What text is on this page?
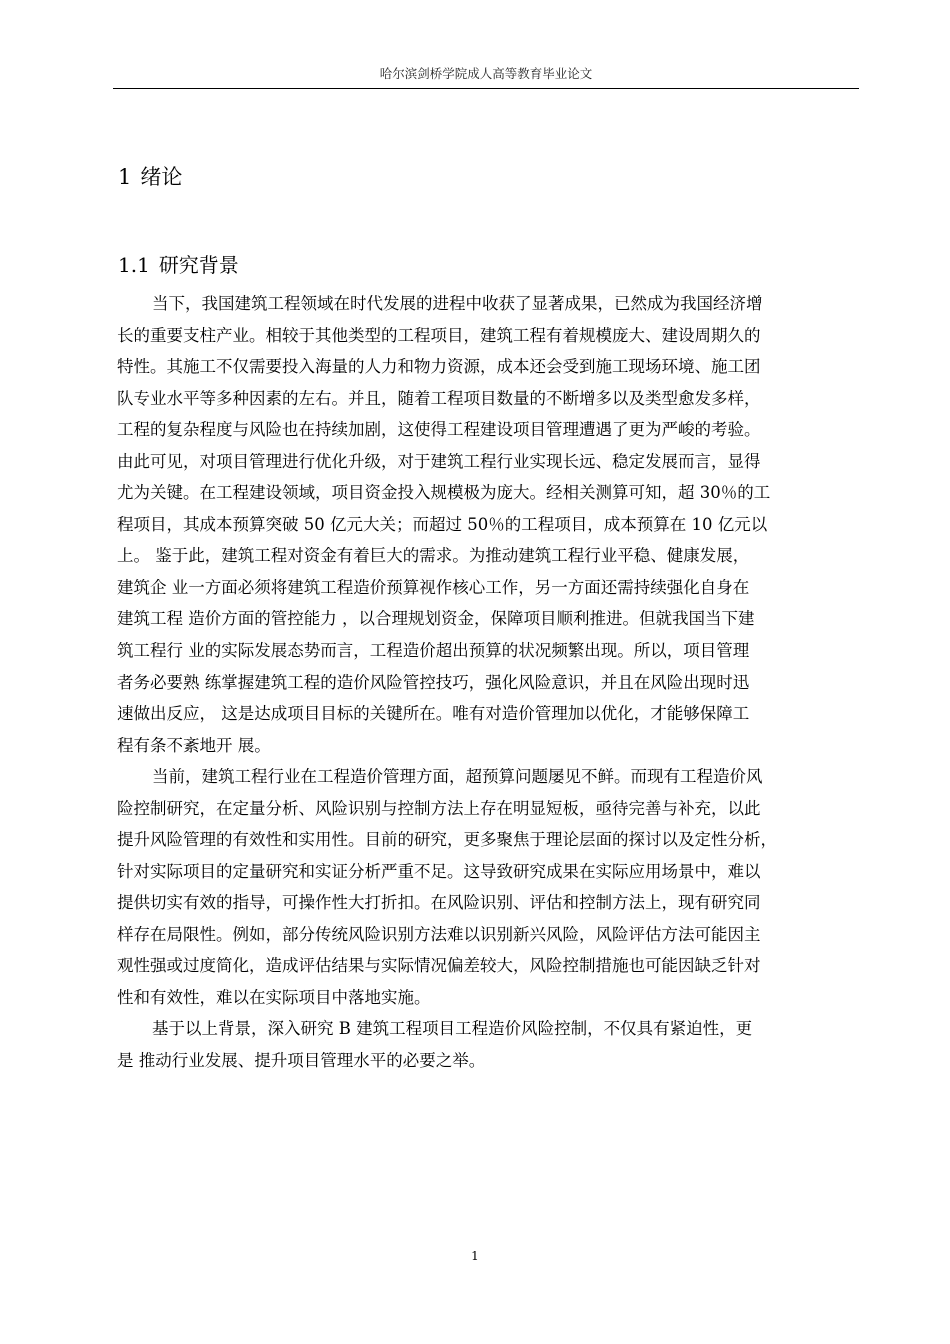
哈尔滨剑桥学院成人高等教育毕业论文
1 绪论
1.1 研究背景
当下，我国建筑工程领域在时代发展的进程中收获了显著成果，已然成为我国经济增
长的重要支柱产业。相较于其他类型的工程项目，建筑工程有着规模庞大、建设周期久的
特性。其施工不仅需要投入海量的人力和物力资源，成本还会受到施工现场环境、施工团
队专业水平等多种因素的左右。并且，随着工程项目数量的不断增多以及类型愈发多样，
工程的复杂程度与风险也在持续加剧，这使得工程建设项目管理遭遇了更为严峻的考验。
由此可见，对项目管理进行优化升级，对于建筑工程行业实现长远、稳定发展而言，显得
尤为关键。在工程建设领域，项目资金投入规模极为庞大。经相关测算可知，超 30％的工
程项目，其成本预算突破 50 亿元大关；而超过 50％的工程项目，成本预算在 10 亿元以
上。 鉴于此，建筑工程对资金有着巨大的需求。为推动建筑工程行业平稳、健康发展，
建筑企 业一方面必须将建筑工程造价预算视作核心工作，另一方面还需持续强化自身在
建筑工程 造价方面的管控能力 ，以合理规划资金，保障项目顺利推进。但就我国当下建
筑工程行 业的实际发展态势而言，工程造价超出预算的状况频繁出现。所以，项目管理
者务必要熟 练掌握建筑工程的造价风险管控技巧，强化风险意识，并且在风险出现时迅
速做出反应， 这是达成项目目标的关键所在。唯有对造价管理加以优化，才能够保障工
程有条不紊地开 展。
当前，建筑工程行业在工程造价管理方面，超预算问题屡见不鲜。而现有工程造价风
险控制研究，在定量分析、风险识别与控制方法上存在明显短板，亟待完善与补充，以此
提升风险管理的有效性和实用性。目前的研究，更多聚焦于理论层面的探讨以及定性分析，
针对实际项目的定量研究和实证分析严重不足。这导致研究成果在实际应用场景中，难以
提供切实有效的指导，可操作性大打折扣。在风险识别、评估和控制方法上，现有研究同
样存在局限性。例如，部分传统风险识别方法难以识别新兴风险，风险评估方法可能因主
观性强或过度简化，造成评估结果与实际情况偏差较大，风险控制措施也可能因缺乏针对
性和有效性，难以在实际项目中落地实施。
基于以上背景，深入研究 B 建筑工程项目工程造价风险控制，不仅具有紧迫性，更
是 推动行业发展、提升项目管理水平的必要之举。
1
